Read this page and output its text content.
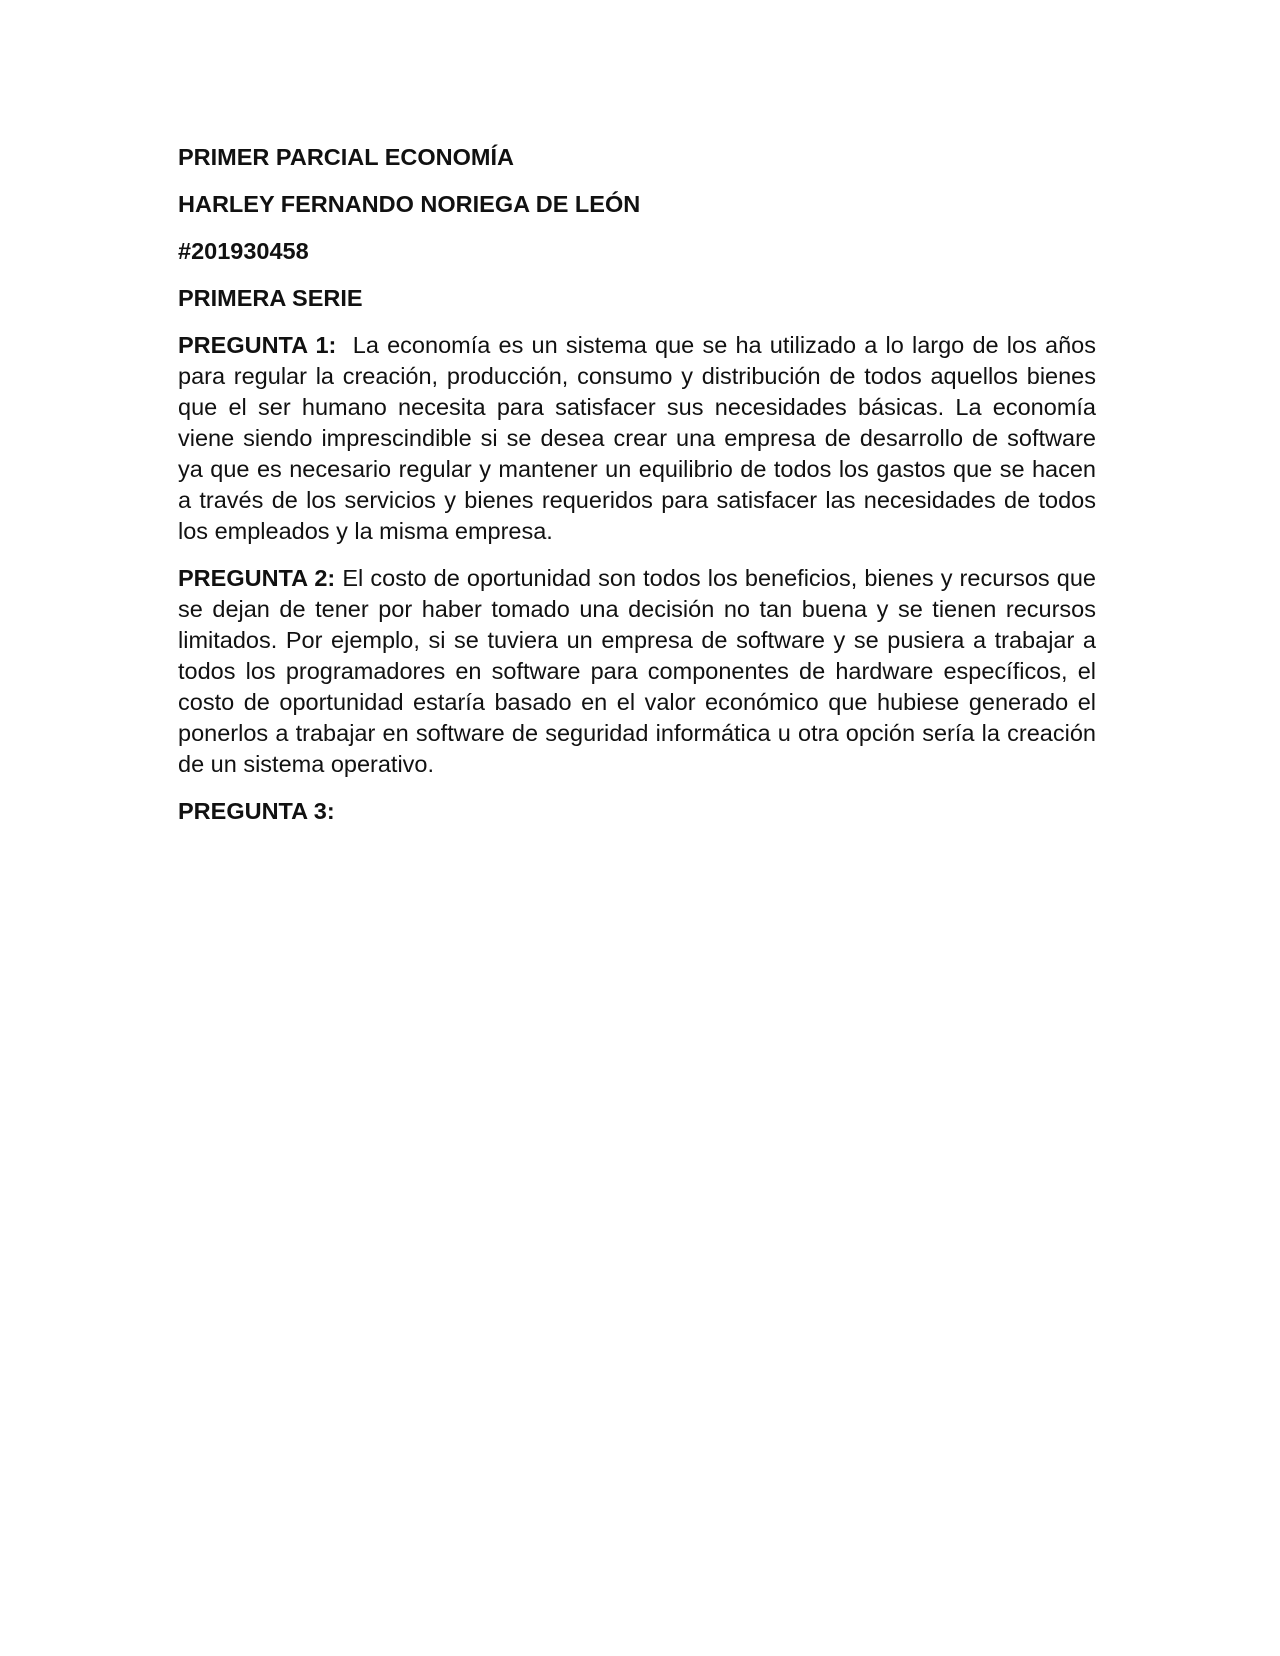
PRIMER PARCIAL ECONOMÍA
HARLEY FERNANDO NORIEGA DE LEÓN
#201930458
PRIMERA SERIE

PREGUNTA 1: La economía es un sistema que se ha utilizado a lo largo de los años para regular la creación, producción, consumo y distribución de todos aquellos bienes que el ser humano necesita para satisfacer sus necesidades básicas. La economía viene siendo imprescindible si se desea crear una empresa de desarrollo de software ya que es necesario regular y mantener un equilibrio de todos los gastos que se hacen a través de los servicios y bienes requeridos para satisfacer las necesidades de todos los empleados y la misma empresa.

PREGUNTA 2: El costo de oportunidad son todos los beneficios, bienes y recursos que se dejan de tener por haber tomado una decisión no tan buena y se tienen recursos limitados. Por ejemplo, si se tuviera un empresa de software y se pusiera a trabajar a todos los programadores en software para componentes de hardware específicos, el costo de oportunidad estaría basado en el valor económico que hubiese generado el ponerlos a trabajar en software de seguridad informática u otra opción sería la creación de un sistema operativo.

PREGUNTA 3:
